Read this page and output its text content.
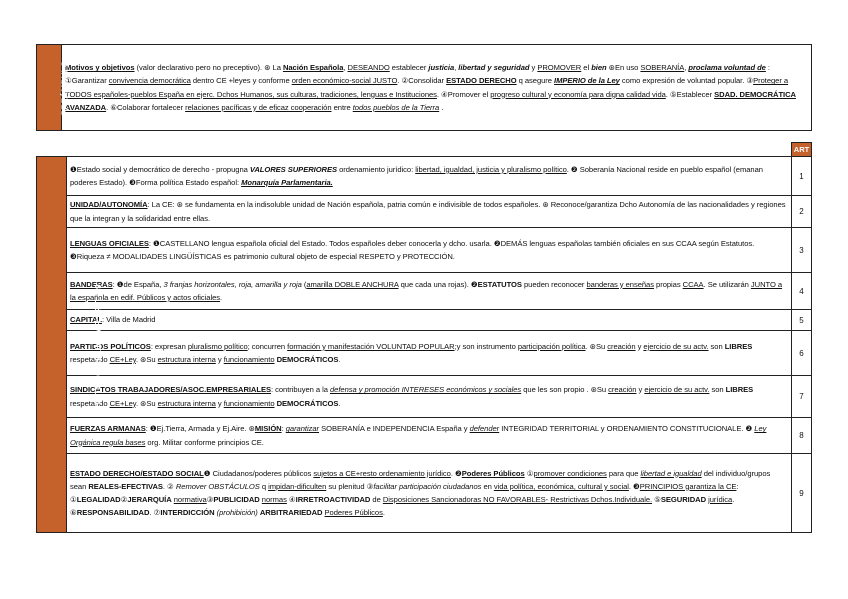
PREÁMBULO	Motivos y objetivos (valor declarativo pero no preceptivo). ⊛ La Nación Española, DESEANDO establecer justicia, libertad y seguridad y PROMOVER el bien ⊛En uso SOBERANÍA, proclama voluntad de : ①Garantizar convivencia democrática dentro CE +leyes y conforme orden económico-social JUSTO. ②Consolidar ESTADO DERECHO q asegure IMPERIO de la Ley como expresión de voluntad popular. ③Proteger a TODOS españoles-pueblos España en ejerc. Dchos Humanos, sus culturas, tradiciones, lenguas e Instituciones. ④Promover el progreso cultural y economía para digna calidad vida. ⑤Establecer SDAD. DEMOCRÁTICA AVANZADA. ⑥Colaborar fortalecer relaciones pacíficas y de eficaz cooperación entre todos pueblos de la Tierra .
		ART
TÍTULO PRELIMINAR ART. 1-9	❶Estado social y democrático de derecho - propugna VALORES SUPERIORES ordenamiento jurídico: libertad, igualdad, justicia y pluralismo político. ❷ Soberanía Nacional reside en pueblo español (emanan poderes Estado). ❸Forma política Estado español: Monarquía Parlamentaria.	1
	UNIDAD/AUTONOMÍA: La CE: ⊛ se fundamenta en la indisoluble unidad de Nación española, patria común e indivisible de todos españoles. ⊛ Reconoce/garantiza Dcho Autonomía de las nacionalidades y regiones que la integran y la solidaridad entre ellas.	2
	LENGUAS OFICIALES: ❶CASTELLANO lengua española oficial del Estado. Todos españoles deber conocerla y dcho. usarla. ❷DEMÁS lenguas españolas también oficiales en sus CCAA según Estatutos. ❸Riqueza ≠ MODALIDADES LINGÜÍSTICAS es patrimonio cultural objeto de especial RESPETO y PROTECCIÓN.	3
	BANDERAS: ❶de España, 3 franjas horizontales, roja, amarilla y roja (amarilla DOBLE ANCHURA que cada una rojas). ❷ESTATUTOS pueden reconocer banderas y enseñas propias CCAA. Se utilizarán JUNTO a la española en edif. Públicos y actos oficiales.	4
	CAPITAL: Villa de Madrid	5
	PARTIDOS POLÍTICOS: expresan pluralismo político; concurren formación y manifestación VOLUNTAD POPULAR;y son instrumento participación política. ⊛Su creación y ejercicio de su actv. son LIBRES respetando CE+Ley. ⊛Su estructura interna y funcionamiento DEMOCRÁTICOS.	6
	SINDICATOS TRABAJADORES/ASOC.EMPRESARIALES: contribuyen a la defensa y promoción INTERESES económicos y sociales que les son propio . ⊛Su creación y ejercicio de su actv. son LIBRES respetando CE+Ley. ⊛Su estructura interna y funcionamiento DEMOCRÁTICOS.	7
	FUERZAS ARMANAS: ❶Ej.Tierra, Armada y Ej.Aire. ⊛MISIÓN: garantizar SOBERANÍA e INDEPENDENCIA España y defender INTEGRIDAD TERRITORIAL y ORDENAMIENTO CONSTITUCIONALE. ❷ Ley Orgánica regula bases org. Militar conforme principios CE.	8
	ESTADO DERECHO/ESTADO SOCIAL❶ Ciudadanos/poderes públicos sujetos a CE+resto ordenamiento jurídico. ❷Poderes Públicos ①promover condiciones para que libertad e igualdad del individuo/grupos sean REALES-EFECTIVAS. ② Remover OBSTÁCULOS q impidan-dificulten su plenitud ③facilitar participación ciudadanos en vida política, económica, cultural y social. ❸PRINCIPIOS garantiza la CE: ①LEGALIDAD②JERARQUÍA normativa③PUBLICIDAD normas ④IRRETROACTIVIDAD de Disposiciones Sancionadoras NO FAVORABLES- Restrictivas Dchos.Individuale. ⑤SEGURIDAD jurídica. ⑥RESPONSABILIDAD. ⑦INTERDICCIÓN (prohibición) ARBITRARIEDAD Poderes Públicos.	9
